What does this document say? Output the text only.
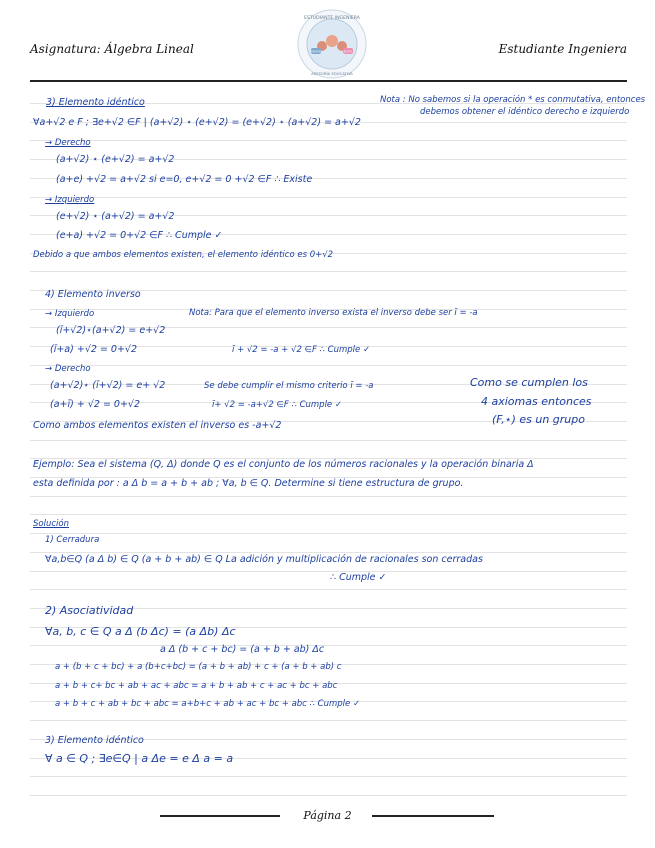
Asignatura: Álgebra Lineal	Estudiante Ingeniera
ESTUDIANTE INGENIERA
ASESORÍA EDUCATIVA
PROFE	EDITS
3) Elemento idéntico	Nota : No sabemos si la operación * es conmutativa, entonces
debemos obtener el idéntico derecho e izquierdo
∀a+√2 e F ; ∃e+√2 ∈F | (a+√2) ⋆ (e+√2) = (e+√2) ⋆ (a+√2) = a+√2
→ Derecho
(a+√2) ⋆ (e+√2) = a+√2
(a+e) +√2 = a+√2 si e=0, e+√2 = 0 +√2 ∈F ∴ Existe
→ Izquierdo
(e+√2) ⋆ (a+√2) = a+√2
(e+a) +√2 = 0+√2 ∈F ∴ Cumple ✓
Debido a que ambos elementos existen, el elemento idéntico es 0+√2
4) Elemento inverso
→ Izquierdo	Nota: Para que el elemento inverso exista el inverso debe ser ī = -a
(ī+√2)⋆(a+√2) = e+√2
(ī+a) +√2 = 0+√2	ī + √2 = -a + √2 ∈F ∴ Cumple ✓
→ Derecho
(a+√2)⋆ (ī+√2) = e+ √2	Se debe cumplir el mismo criterio ī = -a
(a+ī) + √2 = 0+√2	ī+ √2 = -a+√2 ∈F ∴ Cumple ✓
Como ambos elementos existen el inverso es -a+√2
Como se cumplen los
4 axiomas entonces
(F,⋆) es un grupo
Ejemplo: Sea el sistema (Q, Δ) donde Q es el conjunto de los números racionales y la operación binaria Δ
esta definida por : a Δ b = a + b + ab ; ∀a, b ∈ Q. Determine si tiene estructura de grupo.
Solución
1) Cerradura
∀a,b∈Q (a Δ b) ∈ Q (a + b + ab) ∈ Q La adición y multiplicación de racionales son cerradas
∴ Cumple ✓
2) Asociatividad
∀a, b, c ∈ Q a Δ (b Δc) = (a Δb) Δc
a Δ (b + c + bc) = (a + b + ab) Δc
a + (b + c + bc) + a (b+c+bc) = (a + b + ab) + c + (a + b + ab) c
a + b + c+ bc + ab + ac + abc = a + b + ab + c + ac + bc + abc
a + b + c + ab + bc + abc = a+b+c + ab + ac + bc + abc ∴ Cumple ✓
3) Elemento idéntico
∀ a ∈ Q ; ∃e∈Q | a Δe = e Δ a = a
Página 2
